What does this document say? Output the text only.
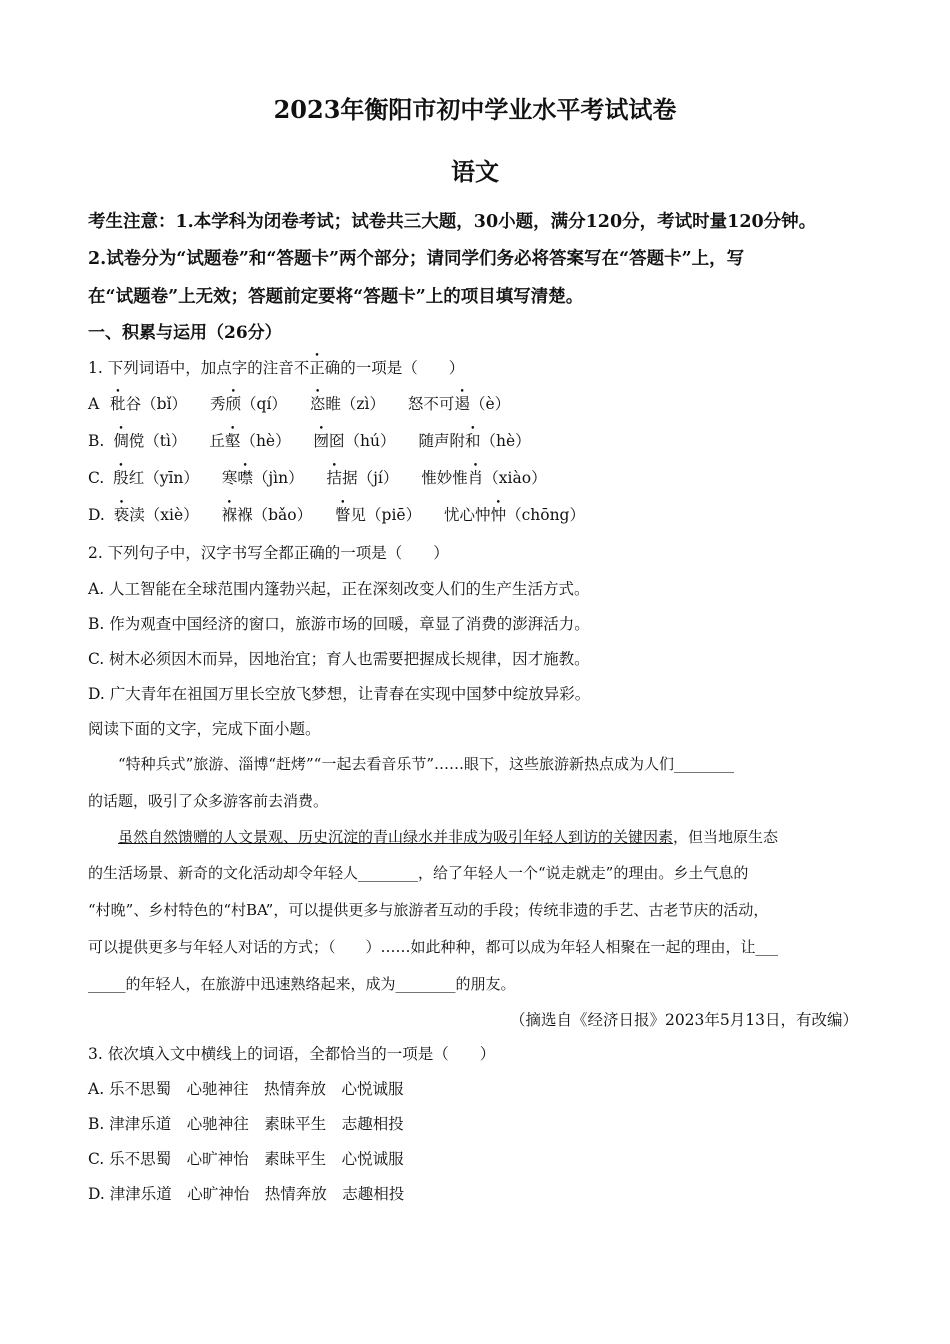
2023年衡阳市初中学业水平考试试卷
语文
考生注意：1.本学科为闭卷考试；试卷共三大题，30小题，满分120分，考试时量120分钟。
2.试卷分为“试题卷”和“答题卡”两个部分；请同学们务必将答案写在“答题卡”上，写
在“试题卷”上无效；答题前定要将“答题卡”上的项目填写清楚。
一、积累与运用（26分）
1. 下列词语中，加点字的注音不正确的一项是（　　）
A 秕谷（bǐ） 秀颀（qí） 恣睢（zì） 怒不可遏（è）
B. 倜傥（tì） 丘壑（hè） 囫囵（hú） 随声附和（hè）
C. 殷红（yīn） 寒噤（jìn） 拮据（jí） 惟妙惟肖（xiào）
D. 亵渎（xiè） 褓褓（bǎo） 瞥见（piē） 忧心忡忡（chōng）
2. 下列句子中，汉字书写全都正确的一项是（　　）
A. 人工智能在全球范围内篷勃兴起，正在深刻改变人们的生产生活方式。
B. 作为观查中国经济的窗口，旅游市场的回暖，章显了消费的澎湃活力。
C. 树木必须因木而异，因地治宜；育人也需要把握成长规律，因才施教。
D. 广大青年在祖国万里长空放飞梦想，让青春在实现中国梦中绽放异彩。
阅读下面的文字，完成下面小题。
“特种兵式”旅游、淄博“赶烤”“一起去看音乐节”……眼下，这些旅游新热点成为人们________
的话题，吸引了众多游客前去消费。
虽然自然馈赠的人文景观、历史沉淀的青山绿水并非成为吸引年轻人到访的关键因素，但当地原生态
的生活场景、新奇的文化活动却令年轻人________，给了年轻人一个“说走就走”的理由。乡土气息的
“村晚”、乡村特色的“村BA”，可以提供更多与旅游者互动的手段；传统非遗的手艺、古老节庆的活动，
可以提供更多与年轻人对话的方式；（　　）……如此种种，都可以成为年轻人相聚在一起的理由，让___
_____的年轻人，在旅游中迅速熟络起来，成为________的朋友。
（摘选自《经济日报》2023年5月13日，有改编）
3. 依次填入文中横线上的词语，全都恰当的一项是（　　）
A. 乐不思蜀　心驰神往　热情奔放　心悦诚服
B. 津津乐道　心驰神往　素昧平生　志趣相投
C. 乐不思蜀　心旷神怡　素昧平生　心悦诚服
D. 津津乐道　心旷神怡　热情奔放　志趣相投
